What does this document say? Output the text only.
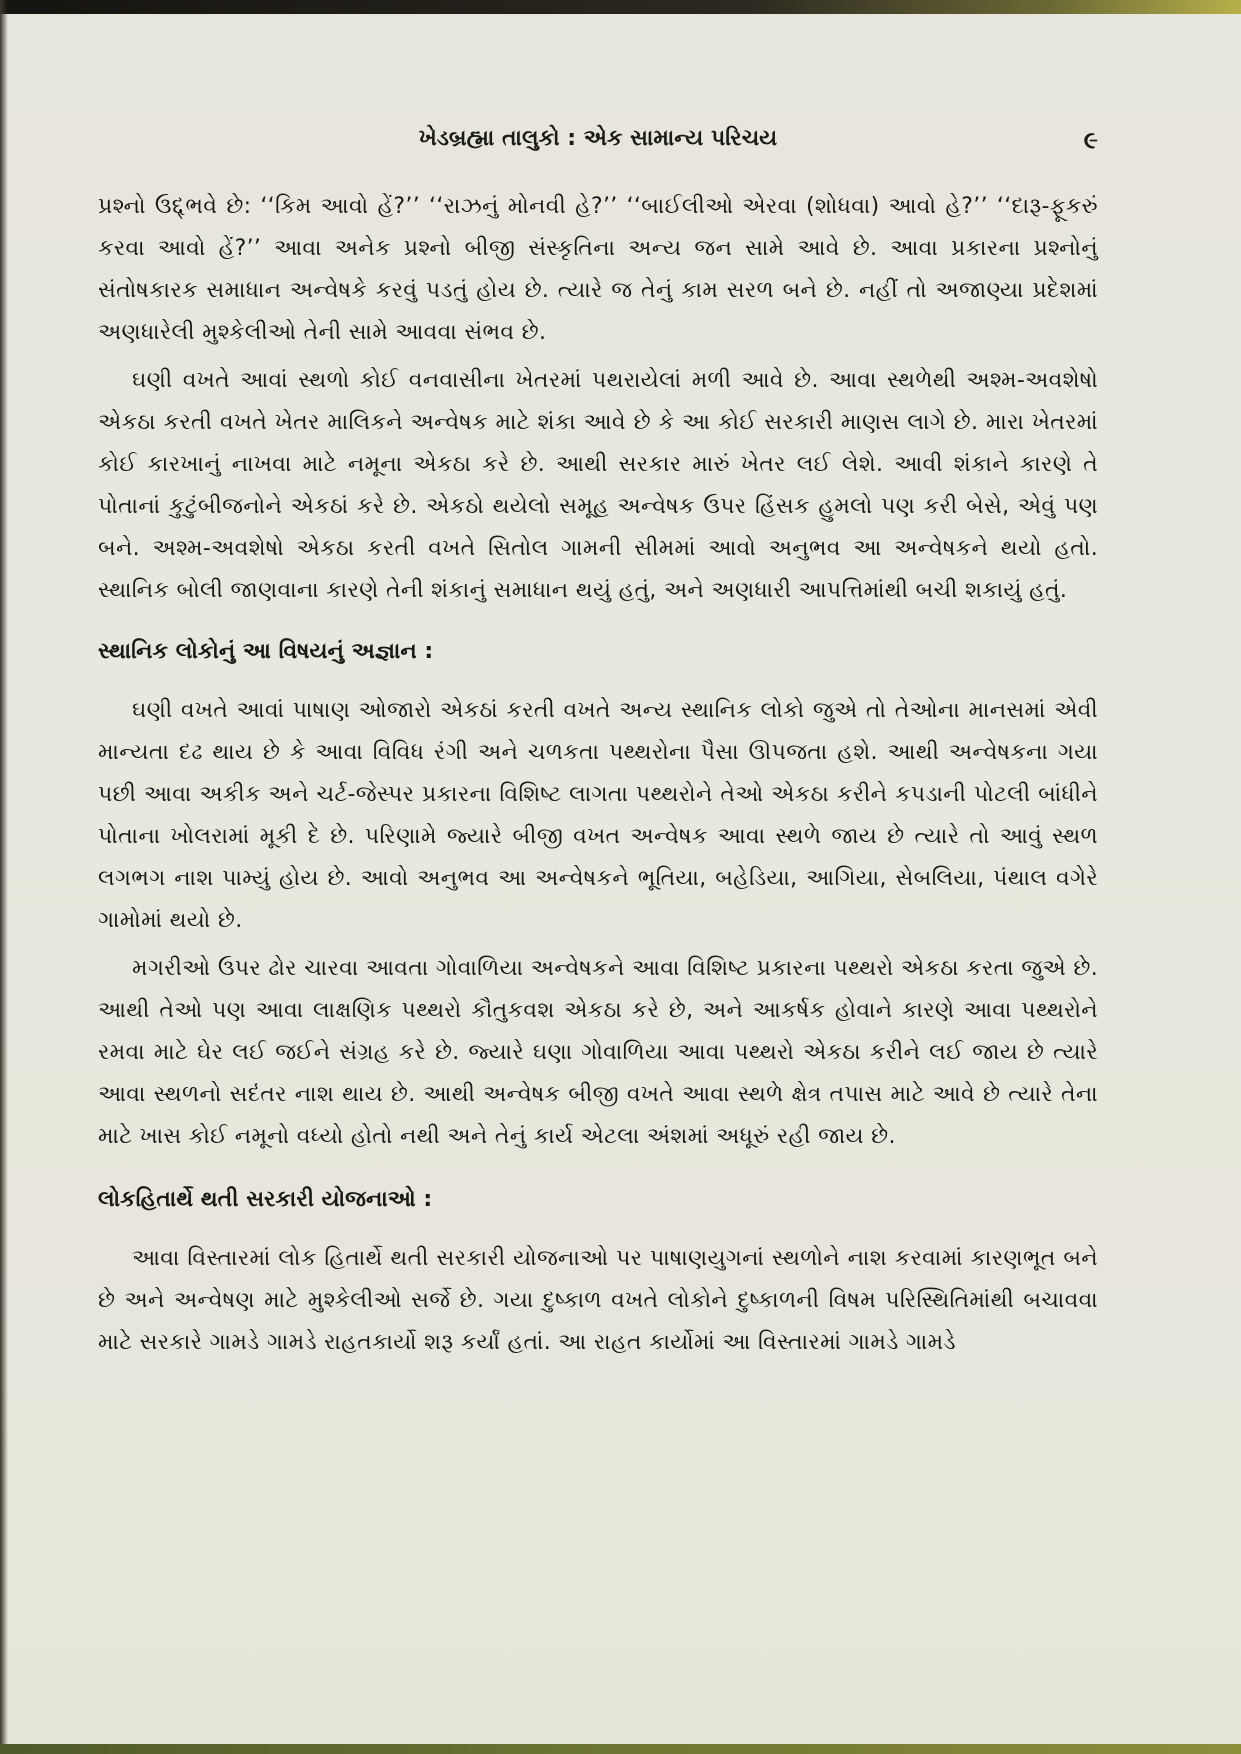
ખેડબ્રહ્મા તાલુકો : એક સામાન્ય પરિચય	૯

પ્રશ્નો ઉદ્દ્ભવે છે: ‘‘કિમ આવો હેં?’’ ‘‘રાઝનું મોનવી હે?’’ ‘‘બાઈલીઓ એરવા (શોધવા) આવો હે?’’ ‘‘દારૂ-ફૂકરું કરવા આવો હેં?’’ આવા અનેક પ્રશ્નો બીજી સંસ્કૃતિના અન્ય જન સામે આવે છે. આવા પ્રકારના પ્રશ્નોનું સંતોષકારક સમાધાન અન્વેષકે કરવું પડતું હોય છે. ત્યારે જ તેનું કામ સરળ બને છે. નહીં તો અજાણ્યા પ્રદેશમાં અણધારેલી મુશ્કેલીઓ તેની સામે આવવા સંભવ છે.

ઘણી વખતે આવાં સ્થળો કોઈ વનવાસીના ખેતરમાં પથરાયેલાં મળી આવે છે. આવા સ્થળેથી અશ્મ-અવશેષો એકઠા કરતી વખતે ખેતર માલિકને અન્વેષક માટે શંકા આવે છે કે આ કોઈ સરકારી માણસ લાગે છે. મારા ખેતરમાં કોઈ કારખાનું નાખવા માટે નમૂના એકઠા કરે છે. આથી સરકાર મારું ખેતર લઈ લેશે. આવી શંકાને કારણે તે પોતાનાં કુટુંબીજનોને એકઠાં કરે છે. એકઠો થયેલો સમૂહ અન્વેષક ઉપર હિંસક હુમલો પણ કરી બેસે, એવું પણ બને. અશ્મ-અવશેષો એકઠા કરતી વખતે સિતોલ ગામની સીમમાં આવો અનુભવ આ અન્વેષકને થયો હતો. સ્થાનિક બોલી જાણવાના કારણે તેની શંકાનું સમાધાન થયું હતું, અને અણધારી આપત્તિમાંથી બચી શકાયું હતું.

સ્થાનિક લોકોનું આ વિષયનું અજ્ઞાન :

ઘણી વખતે આવાં પાષાણ ઓજારો એકઠાં કરતી વખતે અન્ય સ્થાનિક લોકો જુએ તો તેઓના માનસમાં એવી માન્યતા દઢ થાય છે કે આવા વિવિધ રંગી અને ચળકતા પથ્થરોના પૈસા ઊપજતા હશે. આથી અન્વેષકના ગયા પછી આવા અકીક અને ચર્ટ-જેસ્પર પ્રકારના વિશિષ્ટ લાગતા પથ્થરોને તેઓ એકઠા કરીને કપડાની પોટલી બાંધીને પોતાના ખોલરામાં મૂકી દે છે. પરિણામે જ્યારે બીજી વખત અન્વેષક આવા સ્થળે જાય છે ત્યારે તો આવું સ્થળ લગભગ નાશ પામ્યું હોય છે. આવો અનુભવ આ અન્વેષકને ભૂતિયા, બહેડિયા, આગિયા, સેબલિયા, પંથાલ વગેરે ગામોમાં થયો છે.

મગરીઓ ઉપર ઢોર ચારવા આવતા ગોવાળિયા અન્વેષકને આવા વિશિષ્ટ પ્રકારના પથ્થરો એકઠા કરતા જુએ છે. આથી તેઓ પણ આવા લાક્ષણિક પથ્થરો કૌતુકવશ એકઠા કરે છે, અને આકર્ષક હોવાને કારણે આવા પથ્થરોને રમવા માટે ઘેર લઈ જઈને સંગ્રહ કરે છે. જ્યારે ઘણા ગોવાળિયા આવા પથ્થરો એકઠા કરીને લઈ જાય છે ત્યારે આવા સ્થળનો સદંતર નાશ થાય છે. આથી અન્વેષક બીજી વખતે આવા સ્થળે ક્ષેત્ર તપાસ માટે આવે છે ત્યારે તેના માટે ખાસ કોઈ નમૂનો વધ્યો હોતો નથી અને તેનું કાર્ય એટલા અંશમાં અધૂરું રહી જાય છે.

લોકહિતાર્થે થતી સરકારી યોજનાઓ :

આવા વિસ્તારમાં લોક હિતાર્થે થતી સરકારી યોજનાઓ પર પાષાણયુગનાં સ્થળોને નાશ કરવામાં કારણભૂત બને છે અને અન્વેષણ માટે મુશ્કેલીઓ સર્જે છે. ગયા દુષ્કાળ વખતે લોકોને દુષ્કાળની વિષમ પરિસ્થિતિમાંથી બચાવવા માટે સરકારે ગામડે ગામડે રાહતકાર્યો શરૂ કર્યાં હતાં. આ રાહત કાર્યોમાં આ વિસ્તારમાં ગામડે ગામડે
